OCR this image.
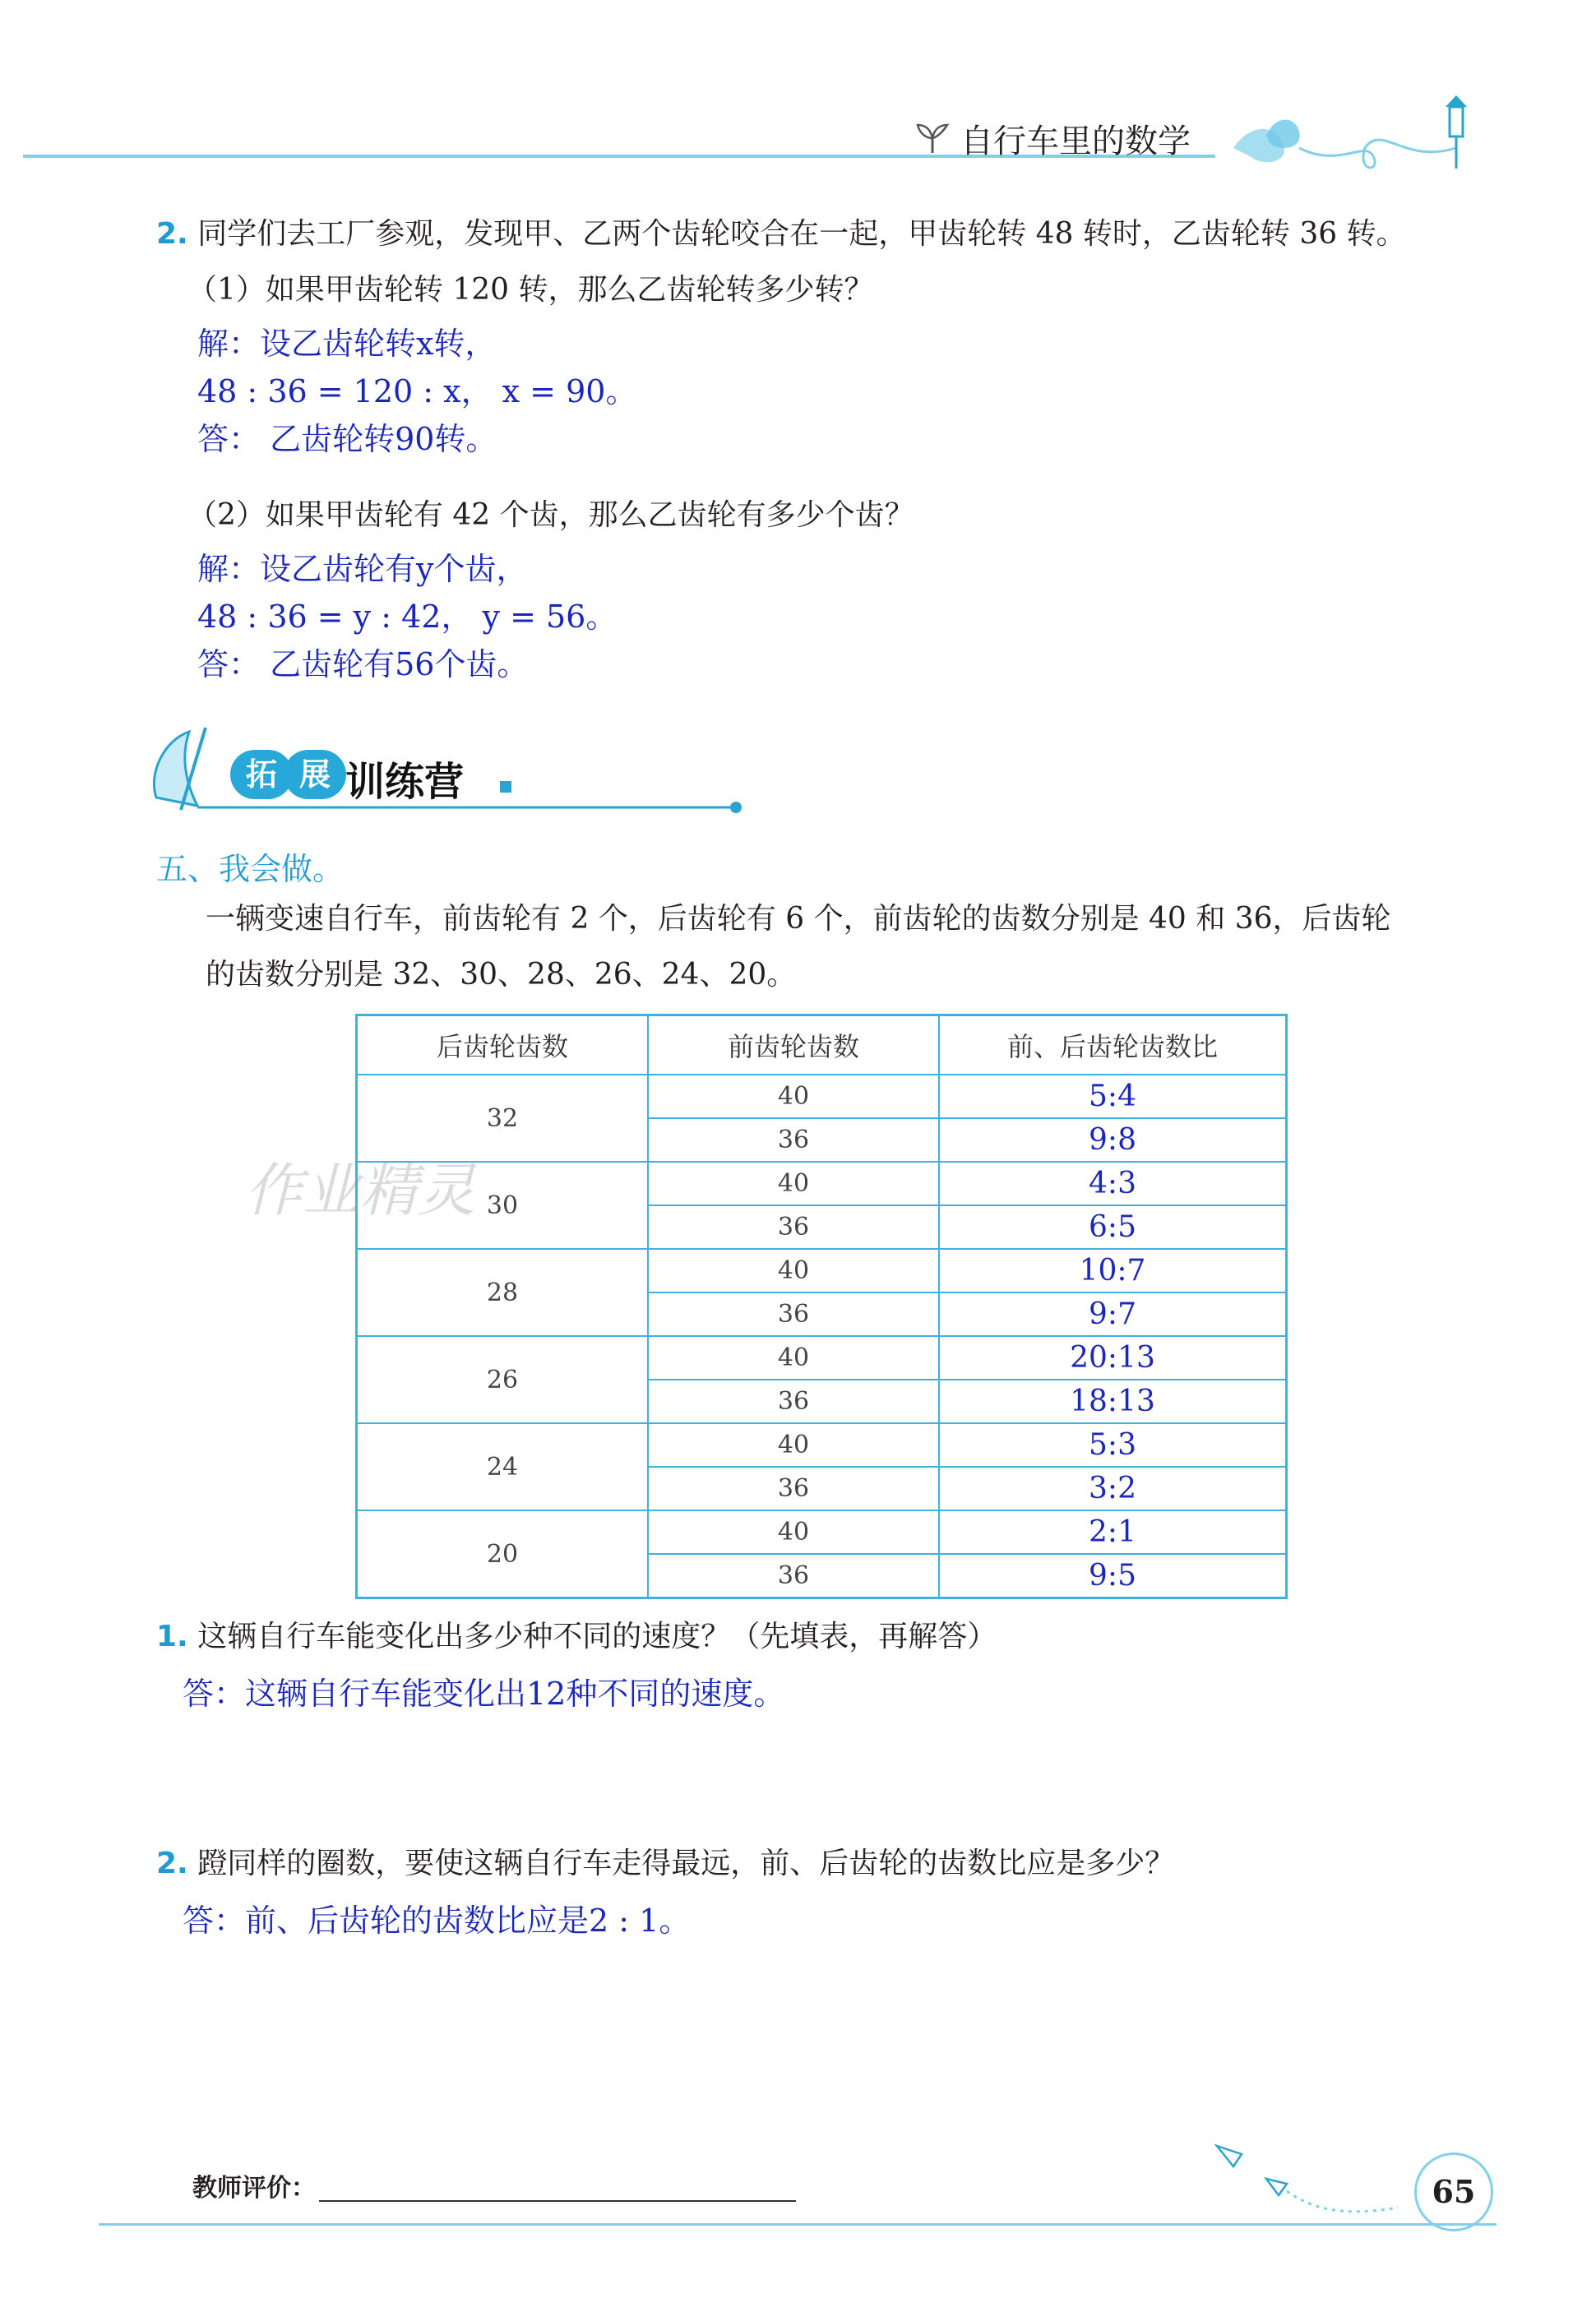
自行车里的数学
2. 同学们去工厂参观，发现甲、乙两个齿轮咬合在一起，甲齿轮转 48 转时，乙齿轮转 36 转。
（1）如果甲齿轮转 120 转，那么乙齿轮转多少转？
解：设乙齿轮转x转，
48 : 36 = 120 : x， x = 90。
答： 乙齿轮转90转。
（2）如果甲齿轮有 42 个齿，那么乙齿轮有多少个齿？
解：设乙齿轮有y个齿，
48 : 36 = y : 42， y = 56。
答： 乙齿轮有56个齿。
拓 展 训练营
五、我会做。
一辆变速自行车，前齿轮有 2 个，后齿轮有 6 个，前齿轮的齿数分别是 40 和 36，后齿轮
的齿数分别是 32、30、28、26、24、20。
后齿轮齿数	前齿轮齿数	前、后齿轮齿数比
32	40	5:4
	36	9:8
30	40	4:3
	36	6:5
28	40	10:7
	36	9:7
26	40	20:13
	36	18:13
24	40	5:3
	36	3:2
20	40	2:1
	36	9:5
1. 这辆自行车能变化出多少种不同的速度？（先填表，再解答）
答：这辆自行车能变化出12种不同的速度。
2. 蹬同样的圈数，要使这辆自行车走得最远，前、后齿轮的齿数比应是多少？
答：前、后齿轮的齿数比应是2 : 1。
作业精灵
教师评价：	65
